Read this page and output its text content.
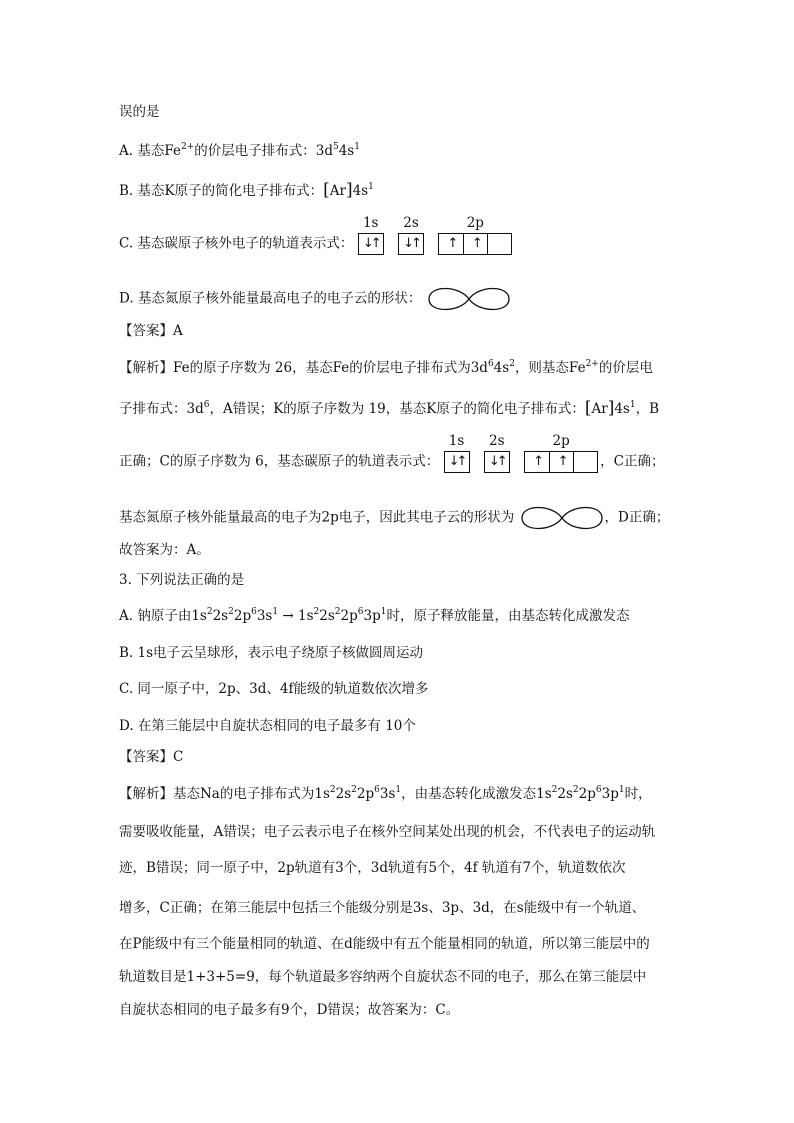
误的是
A. 基态$Fe^{2+}$的价层电子排布式：$3d^54s^1$
B. 基态K原子的简化电子排布式：$[Ar]4s^1$
C. 基态碳原子核外电子的轨道表示式：
1s
↓↑

2s
↓↑

2p
↑ ↑
D. 基态氮原子核外能量最高电子的电子云的形状：
【答案】A
【解析】Fe的原子序数为 26，基态Fe的价层电子排布式为$3d^64s^2$，则基态$Fe^{2+}$的价层电
子排布式：$3d^6$，A错误；K的原子序数为 19，基态K原子的简化电子排布式：$[Ar]4s^1$，B
正确；C的原子序数为 6，基态碳原子的轨道表示式：
1s
↓↑

2s
↓↑

2p
↑ ↑	，C正确；
基态氮原子核外能量最高的电子为2p电子，因此其电子云的形状为	，D正确；
故答案为：A。
3. 下列说法正确的是
A. 钠原子由$1s^22s^22p^63s^1 \to 1s^22s^22p^63p^1$时，原子释放能量，由基态转化成激发态
B. 1s电子云呈球形，表示电子绕原子核做圆周运动
C. 同一原子中，2p、3d、4f能级的轨道数依次增多
D. 在第三能层中自旋状态相同的电子最多有 10个
【答案】C
【解析】基态Na的电子排布式为$1s^22s^22p^63s^1$，由基态转化成激发态$1s^22s^22p^63p^1$时，
需要吸收能量，A错误；电子云表示电子在核外空间某处出现的机会，不代表电子的运动轨
迹，B错误；同一原子中，2p轨道有3个，3d轨道有5个，4f 轨道有7个，轨道数依次
增多，C正确；在第三能层中包括三个能级分别是3s、3p、3d，在s能级中有一个轨道、
在P能级中有三个能量相同的轨道、在d能级中有五个能量相同的轨道，所以第三能层中的
轨道数目是1+3+5=9，每个轨道最多容纳两个自旋状态不同的电子，那么在第三能层中
自旋状态相同的电子最多有9个，D错误；故答案为：C。
